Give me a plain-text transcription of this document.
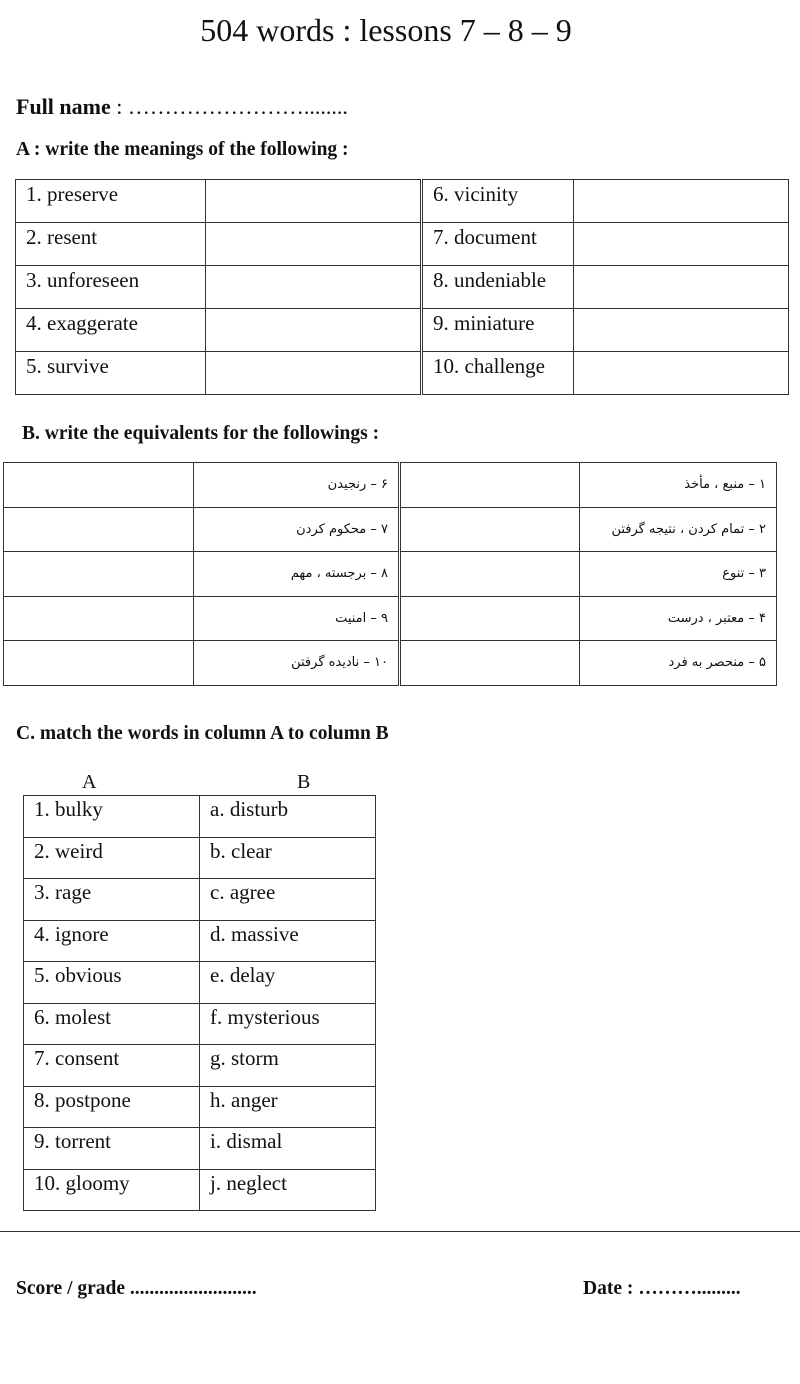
504 words : lessons 7 – 8 – 9
Full name : ……………………........
A : write the meanings of the following :
1. preserve		6. vicinity	
2. resent		7. document	
3. unforeseen		8. undeniable	
4. exaggerate		9. miniature	
5. survive		10. challenge	
B. write the equivalents for the followings :
	۶ – رنجیدن		۱ – منبع ، مأخذ
	۷ – محکوم کردن		۲ – تمام کردن ، نتیجه گرفتن
	۸ – برجسته ، مهم		۳ – تنوع
	۹ – امنیت		۴ – معتبر ، درست
	۱۰ – نادیده گرفتن		۵ – منحصر به فرد
C. match the words in column A to column B
A	B
1. bulky	a. disturb
2. weird	b. clear
3. rage	c. agree
4. ignore	d. massive
5. obvious	e. delay
6. molest	f. mysterious
7. consent	g. storm
8. postpone	h. anger
9. torrent	i. dismal
10. gloomy	j. neglect
Score / grade ..........................	Date : ……….........
